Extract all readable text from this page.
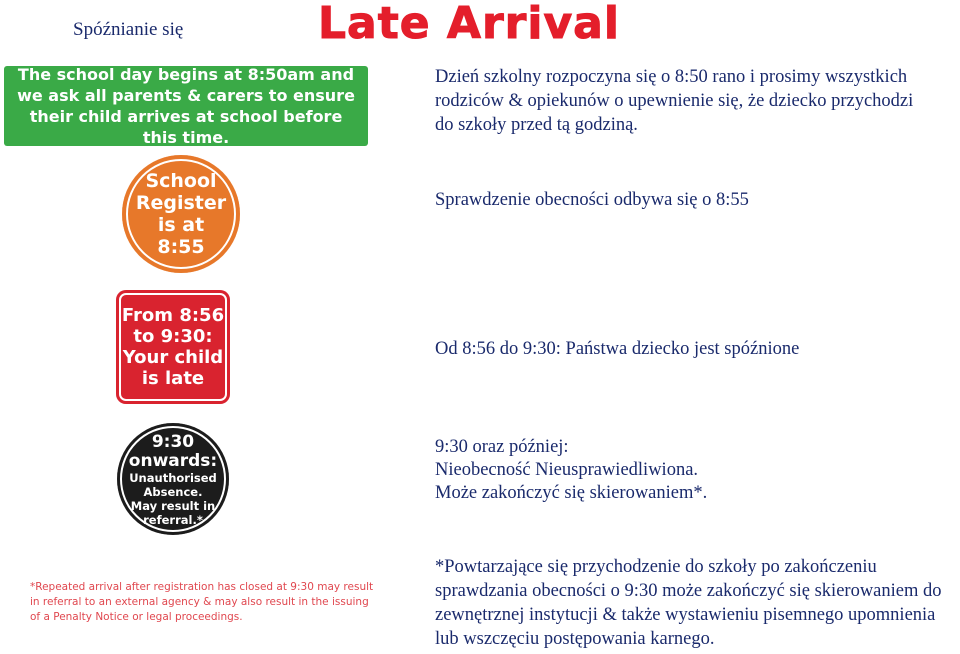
Spóźnianie się	Late Arrival
The school day begins at 8:50am and we ask all parents & carers to ensure their child arrives at school before this time.
School
Register
is at
8:55
From 8:56
to 9:30:
Your child
is late
9:30
onwards:
Unauthorised
Absence.
May result in
referral.*
Dzień szkolny rozpoczyna się o 8:50 rano i prosimy wszystkich rodziców & opiekunów o upewnienie się, że dziecko przychodzi do szkoły przed tą godziną.
Sprawdzenie obecności odbywa się o 8:55
Od 8:56 do 9:30: Państwa dziecko jest spóźnione
9:30 oraz później:
Nieobecność Nieusprawiedliwiona.
Może zakończyć się skierowaniem*.
*Powtarzające się przychodzenie do szkoły po zakończeniu sprawdzania obecności o 9:30 może zakończyć się skierowaniem do zewnętrznej instytucji & także wystawieniu pisemnego upomnienia lub wszczęciu postępowania karnego.
*Repeated arrival after registration has closed at 9:30 may result in referral to an external agency & may also result in the issuing of a Penalty Notice or legal proceedings.
